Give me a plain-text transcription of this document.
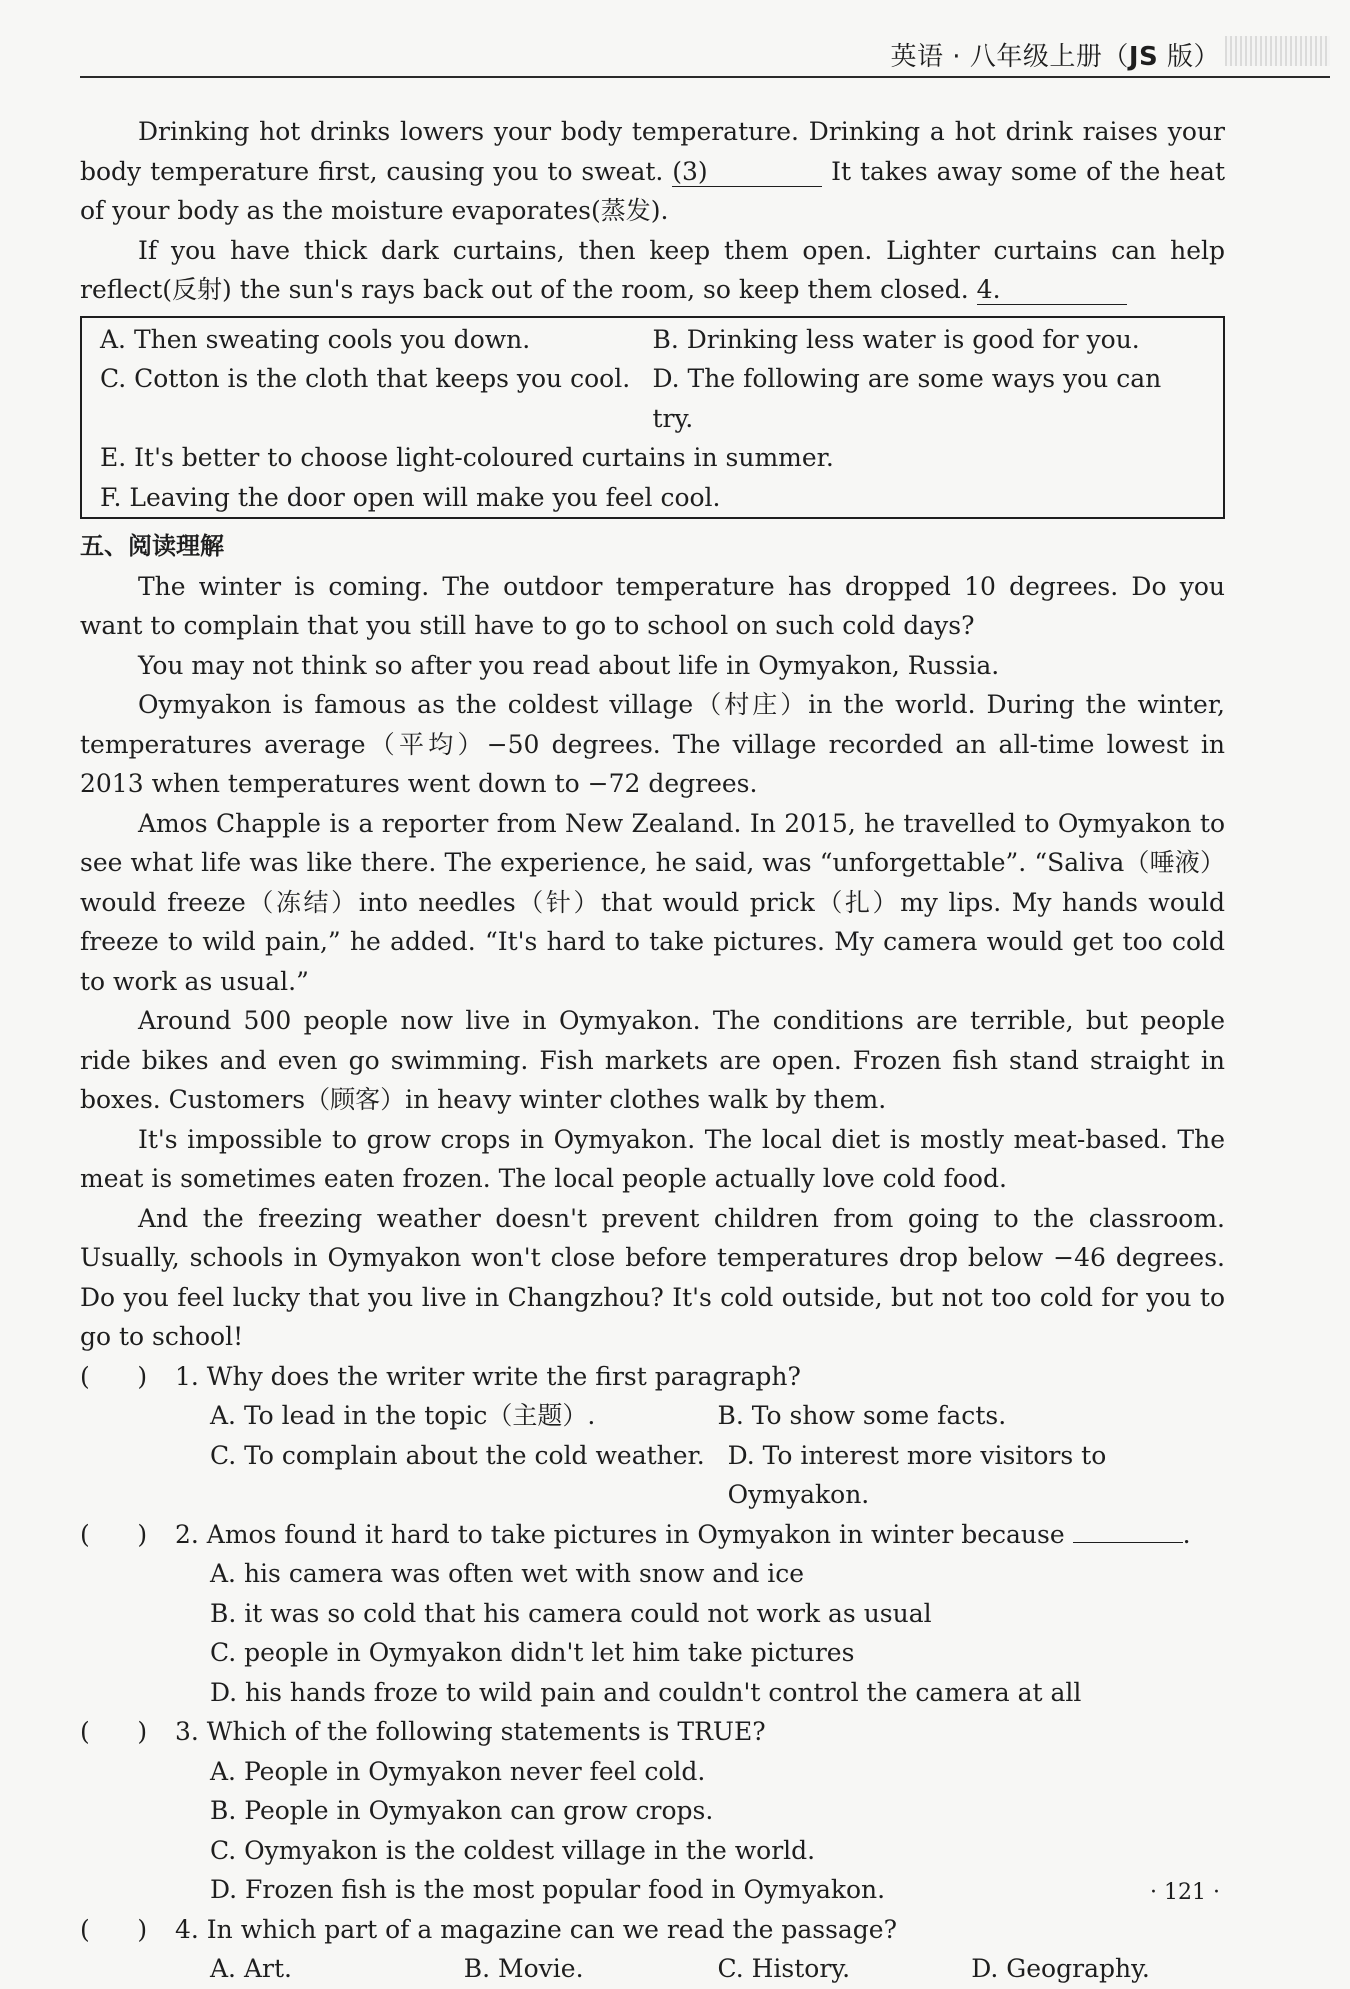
英语 · 八年级上册（JS 版）

Drinking hot drinks lowers your body temperature. Drinking a hot drink raises your body temperature first, causing you to sweat. (3)	It takes away some of the heat of your body as the moisture evaporates(蒸发).

If you have thick dark curtains, then keep them open. Lighter curtains can help reflect(反射) the sun's rays back out of the room, so keep them closed. 4.

A. Then sweating cools you down.	B. Drinking less water is good for you.
C. Cotton is the cloth that keeps you cool. D. The following are some ways you can try.
E. It's better to choose light-coloured curtains in summer.
F. Leaving the door open will make you feel cool.
五、阅读理解

The winter is coming. The outdoor temperature has dropped 10 degrees. Do you want to complain that you still have to go to school on such cold days?

You may not think so after you read about life in Oymyakon, Russia.

Oymyakon is famous as the coldest village（村庄）in the world. During the winter, temperatures average（平均）−50 degrees. The village recorded an all-time lowest in 2013 when temperatures went down to −72 degrees.

Amos Chapple is a reporter from New Zealand. In 2015, he travelled to Oymyakon to see what life was like there. The experience, he said, was “unforgettable”. “Saliva（唾液）would freeze（冻结）into needles（针）that would prick（扎）my lips. My hands would freeze to wild pain,” he added. “It's hard to take pictures. My camera would get too cold to work as usual.”

Around 500 people now live in Oymyakon. The conditions are terrible, but people ride bikes and even go swimming. Fish markets are open. Frozen fish stand straight in boxes. Customers（顾客）in heavy winter clothes walk by them.

It's impossible to grow crops in Oymyakon. The local diet is mostly meat-based. The meat is sometimes eaten frozen. The local people actually love cold food.

And the freezing weather doesn't prevent children from going to the classroom. Usually, schools in Oymyakon won't close before temperatures drop below −46 degrees. Do you feel lucky that you live in Changzhou? It's cold outside, but not too cold for you to go to school!

(      )	1. Why does the writer write the first paragraph?
A. To lead in the topic（主题）.	B. To show some facts.
C. To complain about the cold weather. D. To interest more visitors to Oymyakon.
(      )	2. Amos found it hard to take pictures in Oymyakon in winter because	.
A. his camera was often wet with snow and ice
B. it was so cold that his camera could not work as usual
C. people in Oymyakon didn't let him take pictures
D. his hands froze to wild pain and couldn't control the camera at all
(      )	3. Which of the following statements is TRUE?
A. People in Oymyakon never feel cold.
B. People in Oymyakon can grow crops.
C. Oymyakon is the coldest village in the world.
D. Frozen fish is the most popular food in Oymyakon.
(      )	4. In which part of a magazine can we read the passage?
A. Art.	B. Movie.	C. History.	D. Geography.
· 121 ·
